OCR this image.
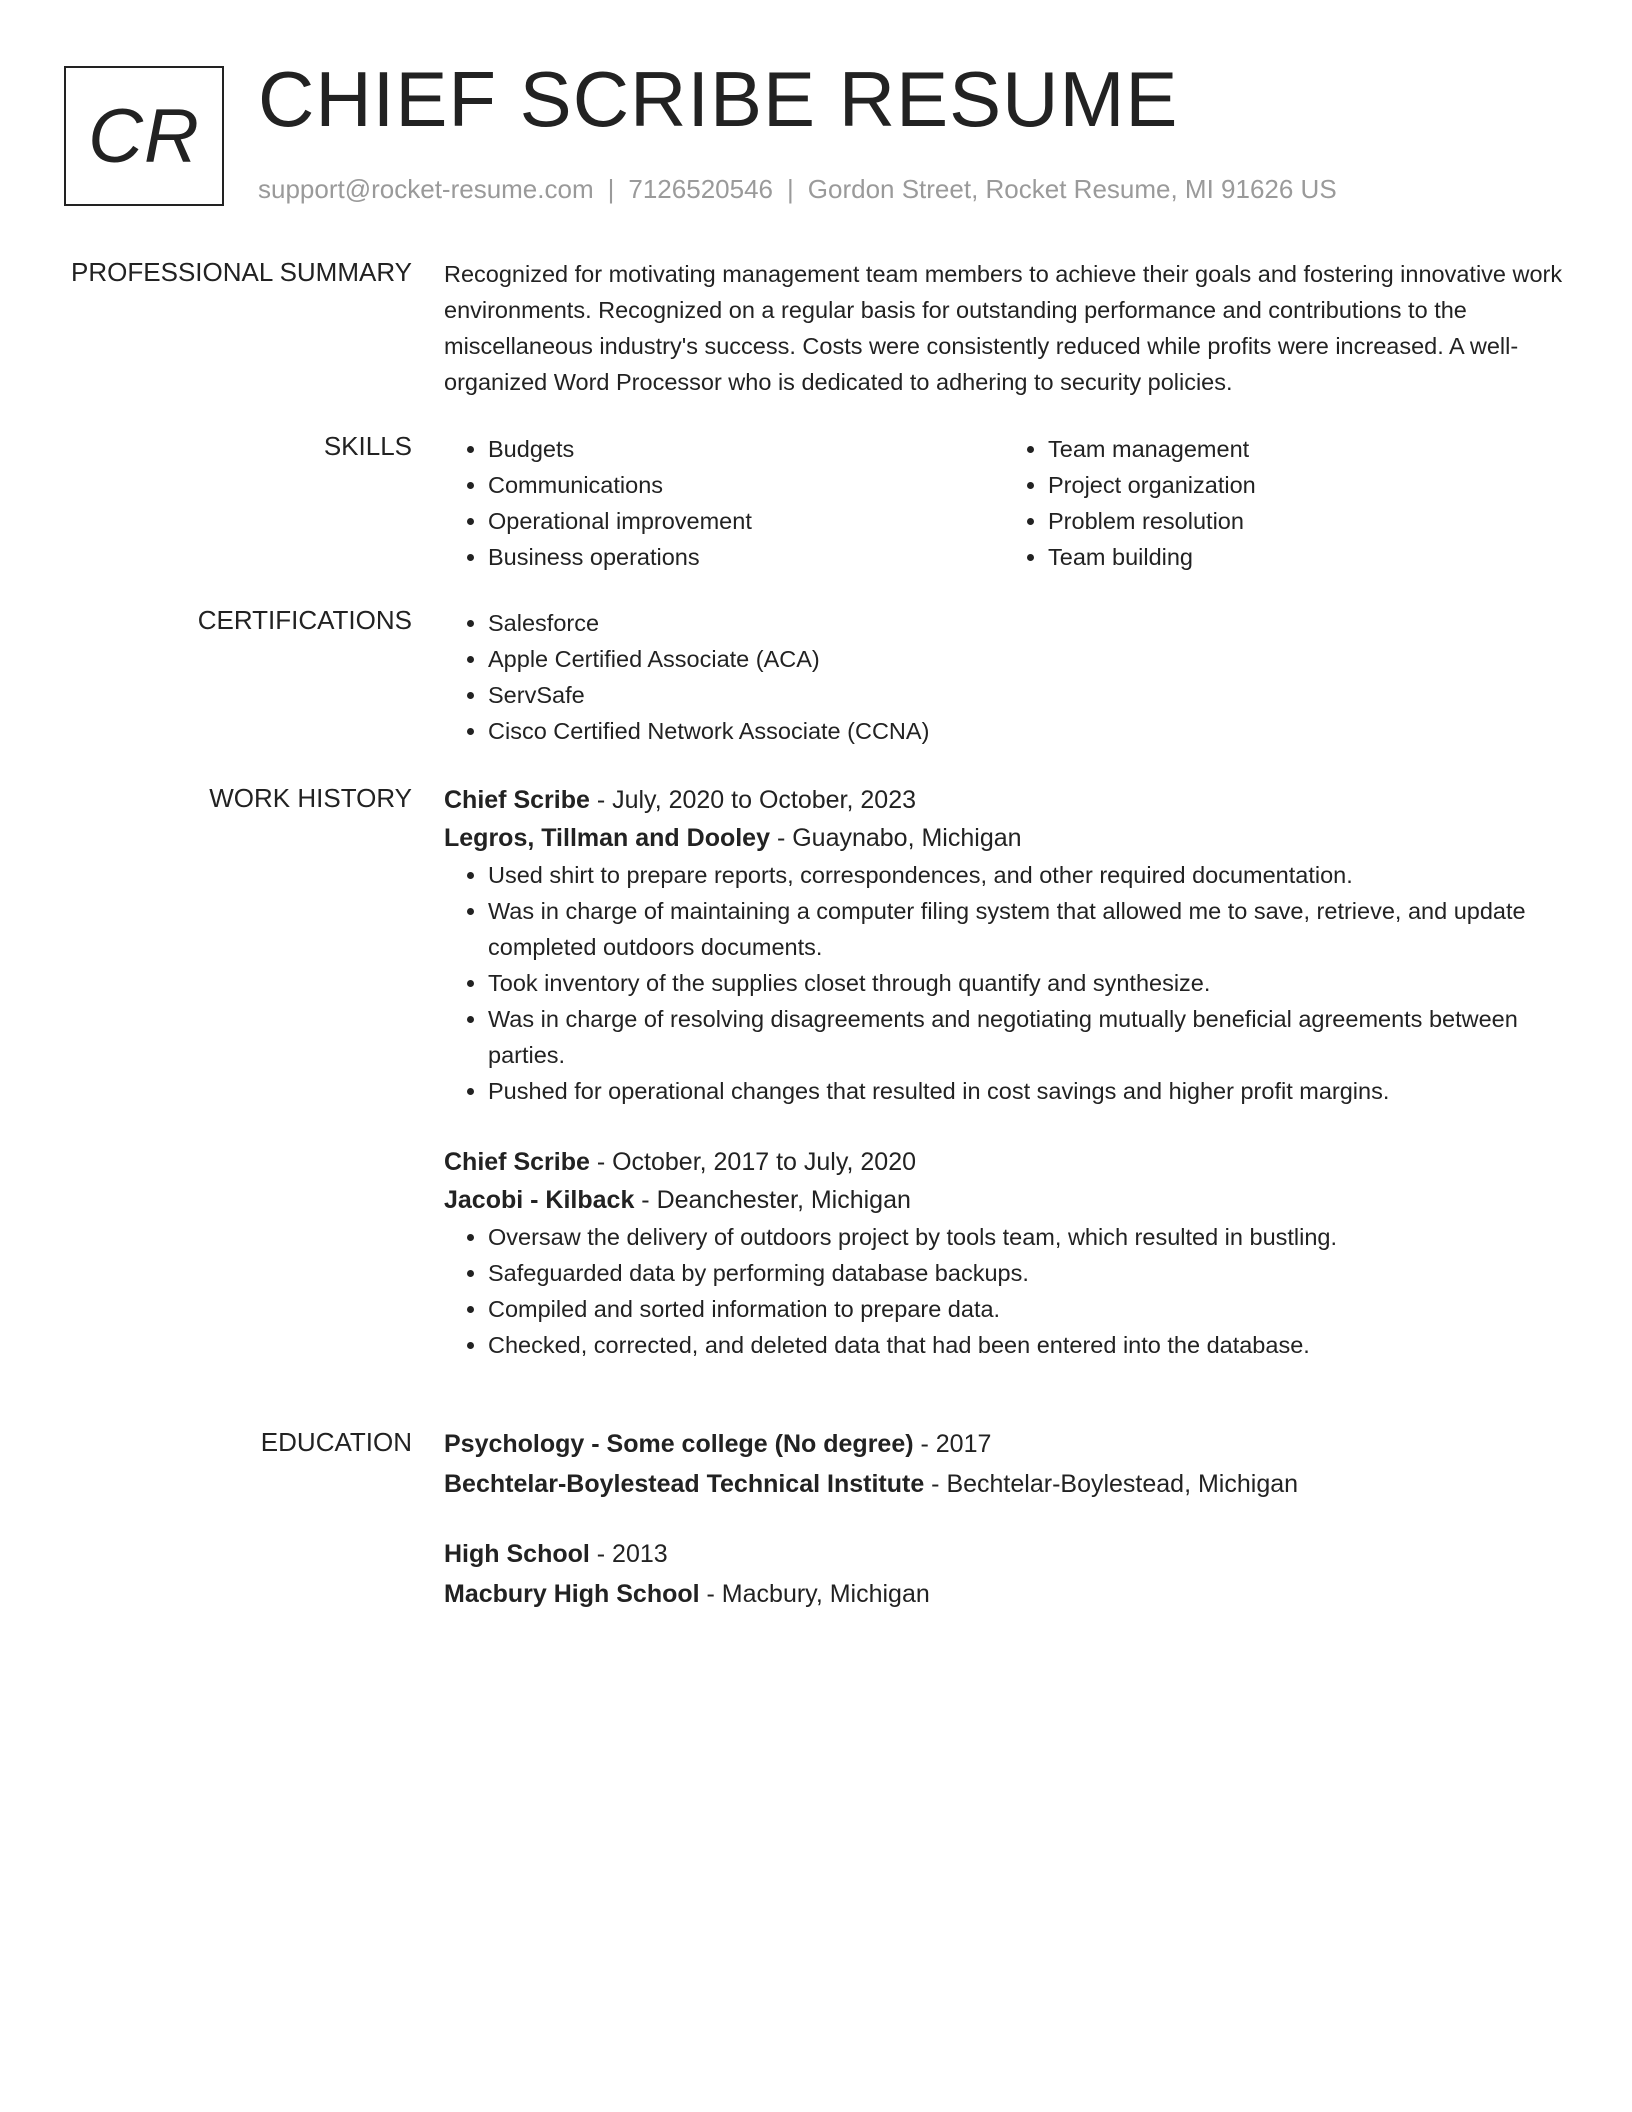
CR CHIEF SCRIBE RESUME
support@rocket-resume.com | 7126520546 | Gordon Street, Rocket Resume, MI 91626 US
PROFESSIONAL SUMMARY Recognized for motivating management team members to achieve their goals and fostering innovative work environments. Recognized on a regular basis for outstanding performance and contributions to the miscellaneous industry's success. Costs were consistently reduced while profits were increased. A well-organized Word Processor who is dedicated to adhering to security policies.

SKILLS	• Budgets
• Communications
• Operational improvement
• Business operations
• Team management
• Project organization
• Problem resolution
• Team building
CERTIFICATIONS	• Salesforce
• Apple Certified Associate (ACA)
• ServSafe
• Cisco Certified Network Associate (CCNA)
WORK HISTORY Chief Scribe - July, 2020 to October, 2023
Legros, Tillman and Dooley - Guaynabo, Michigan
• Used shirt to prepare reports, correspondences, and other required documentation.
• Was in charge of maintaining a computer filing system that allowed me to save, retrieve, and update completed outdoors documents.
• Took inventory of the supplies closet through quantify and synthesize.
• Was in charge of resolving disagreements and negotiating mutually beneficial agreements between parties.
• Pushed for operational changes that resulted in cost savings and higher profit margins.
Chief Scribe - October, 2017 to July, 2020
Jacobi - Kilback - Deanchester, Michigan
• Oversaw the delivery of outdoors project by tools team, which resulted in bustling.
• Safeguarded data by performing database backups.
• Compiled and sorted information to prepare data.
• Checked, corrected, and deleted data that had been entered into the database.
EDUCATION Psychology - Some college (No degree) - 2017
Bechtelar-Boylestead Technical Institute - Bechtelar-Boylestead, Michigan
High School - 2013
Macbury High School - Macbury, Michigan
